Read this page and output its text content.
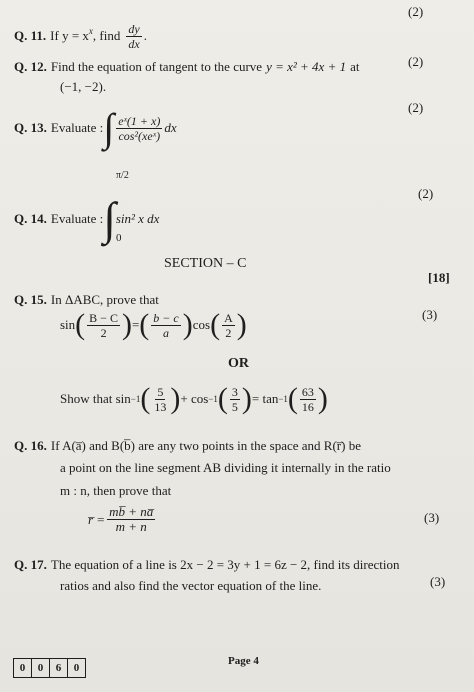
(2)
Q. 11. If $y = x^x$, find $\frac{dy}{dx}$ .
Q. 12. Find the equation of tangent to the curve y = x² + 4x + 1 at	(2)
(−1, −2).
(2)
Q. 13.
Evaluate : ∫ $\frac{\text{eˣ(1 + x)}}{\text{cos²(xeˣ)}}$ dx
π/2
(2)
Q. 14.
Evaluate : ∫ sin² x dx
0
SECTION – C
[18]
Q. 15. In ΔABC, prove that
(3)
sin ( $\frac{B - C}{2}$ ) = ( $\frac{b - c}{a}$ ) cos ( $\frac{A}{2}$ )
OR
Show that sin −1 ( $\frac{5}{13}$ ) + cos −1 ( $\frac{3}{5}$ ) = tan −1 ( $\frac{63}{16}$ )
Q. 16. If A(a̅) and B(b̅) are any two points in the space and R(r̅) be
a point on the line segment AB dividing it internally in the ratio
m : n, then prove that
r̅ = $\frac{mb̅ + na̅}{m + n}$	(3)
Q. 17. The equation of a line is 2x − 2 = 3y + 1 = 6z − 2, find its direction
ratios and also find the vector equation of the line.	(3)
0	0	6	0
Page 4
